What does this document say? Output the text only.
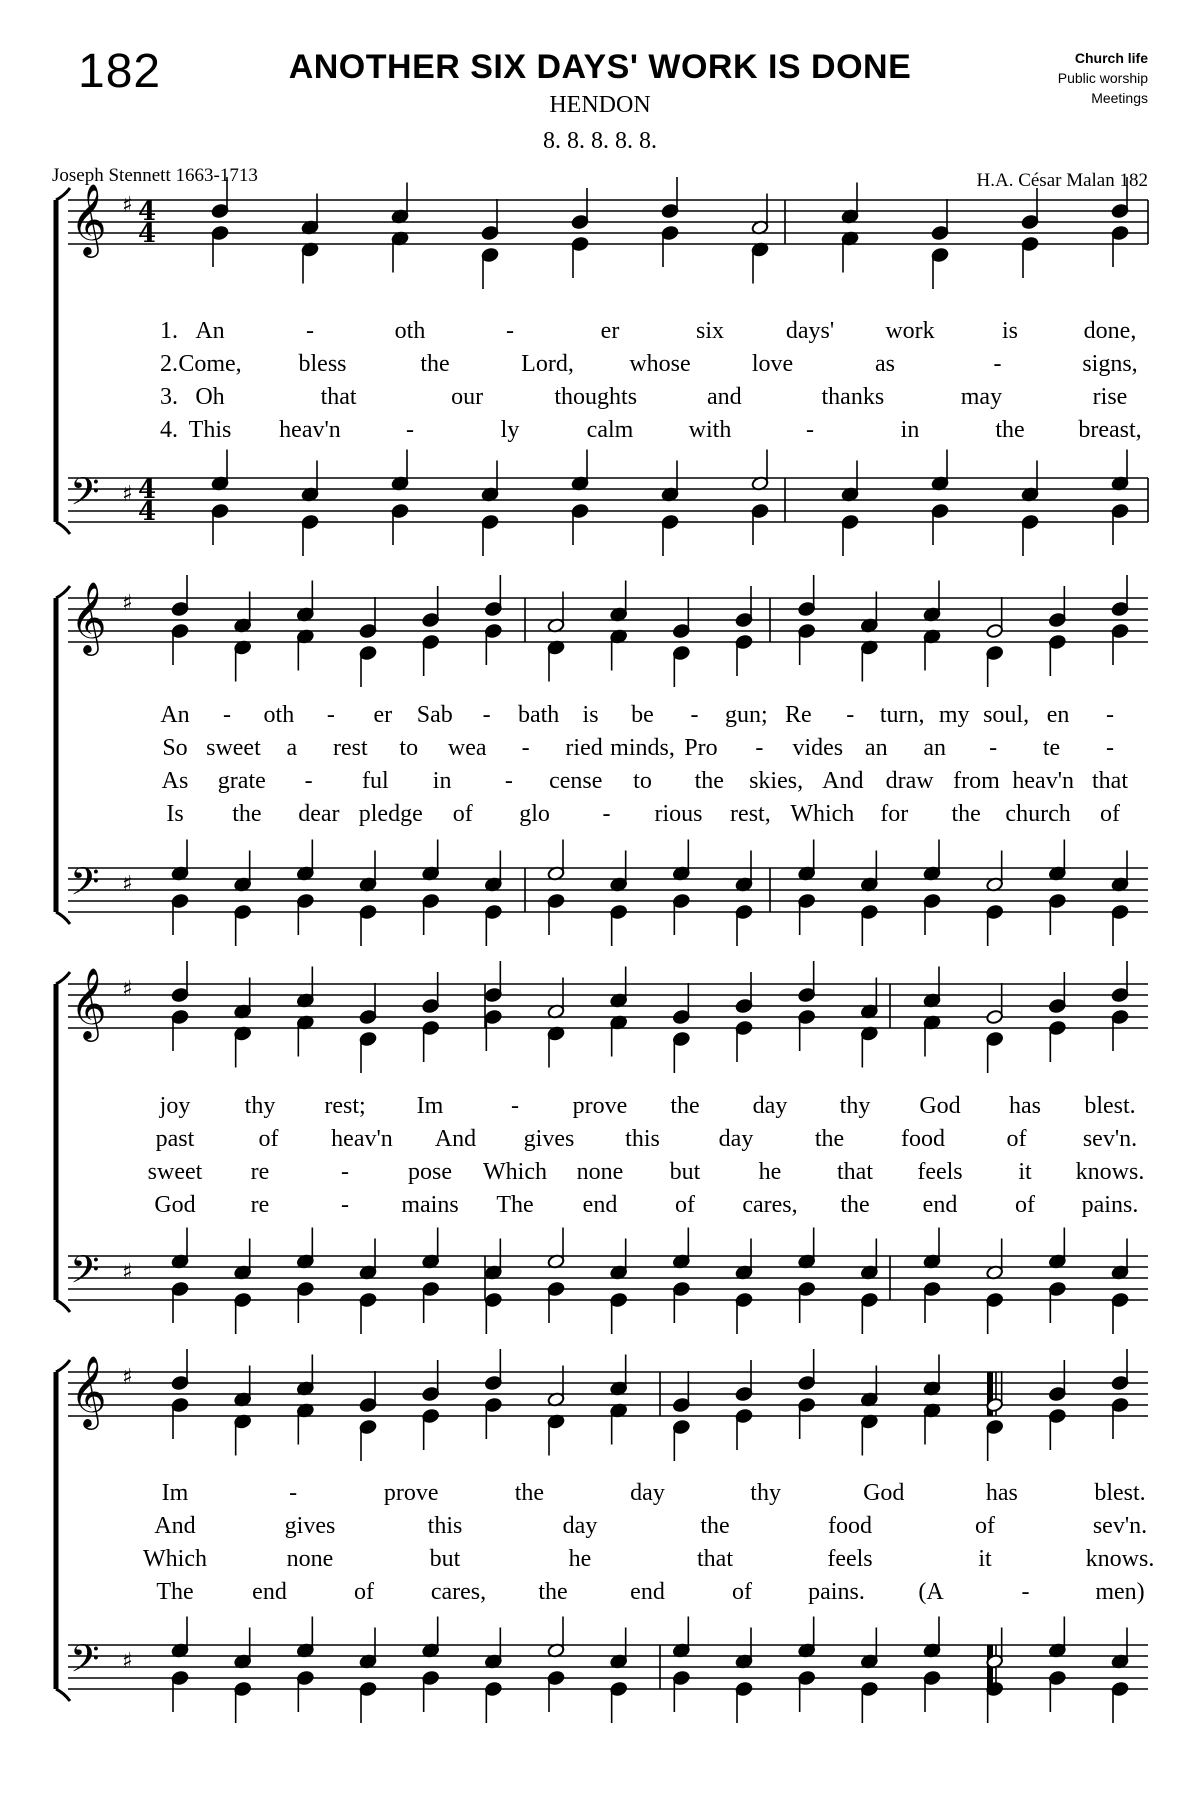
182	ANOTHER SIX DAYS' WORK IS DONE
HENDON
8. 8. 8. 8. 8.
Church life
Public worship
Meetings
Joseph Stennett 1663-1713	H.A. César Malan 182
𝄞
𝄢
♯
♯
4
4
4
4
𝄞
𝄢
♯
♯
𝄞
𝄢
♯
♯
𝄞
𝄢
♯
♯
1. An	-	oth	-	er	six	days' work	is	done,
2. Come, bless	the	Lord, whose	love	as	-	signs,
3. Oh	that	our	thoughts	and	thanks	may	rise
4. This heav'n	-	ly	calm with	-	in	the breast,
An - oth - er Sab - bath is be - gun; Re - turn, my soul, en -
So sweet a rest to wea - ried minds, Pro - vides an an - te -
As grate - ful in - cense to the skies, And draw from heav'n that
Is the dear pledge of glo - rious rest, Which for the church of
joy thy rest; Im	- prove the day thy God has blest.
past	of heav'n And gives this day	the food	of sev'n.
sweet re	- pose Which none but he that feels it knows.
God re	- mains The end of cares, the end of pains.
Im	-	prove	the	day	thy	God	has	blest.
And	gives	this	day	the	food	of	sev'n.
Which	none	but	he	that	feels	it	knows.
The end	of cares, the	end	of pains. (A	-	men)
